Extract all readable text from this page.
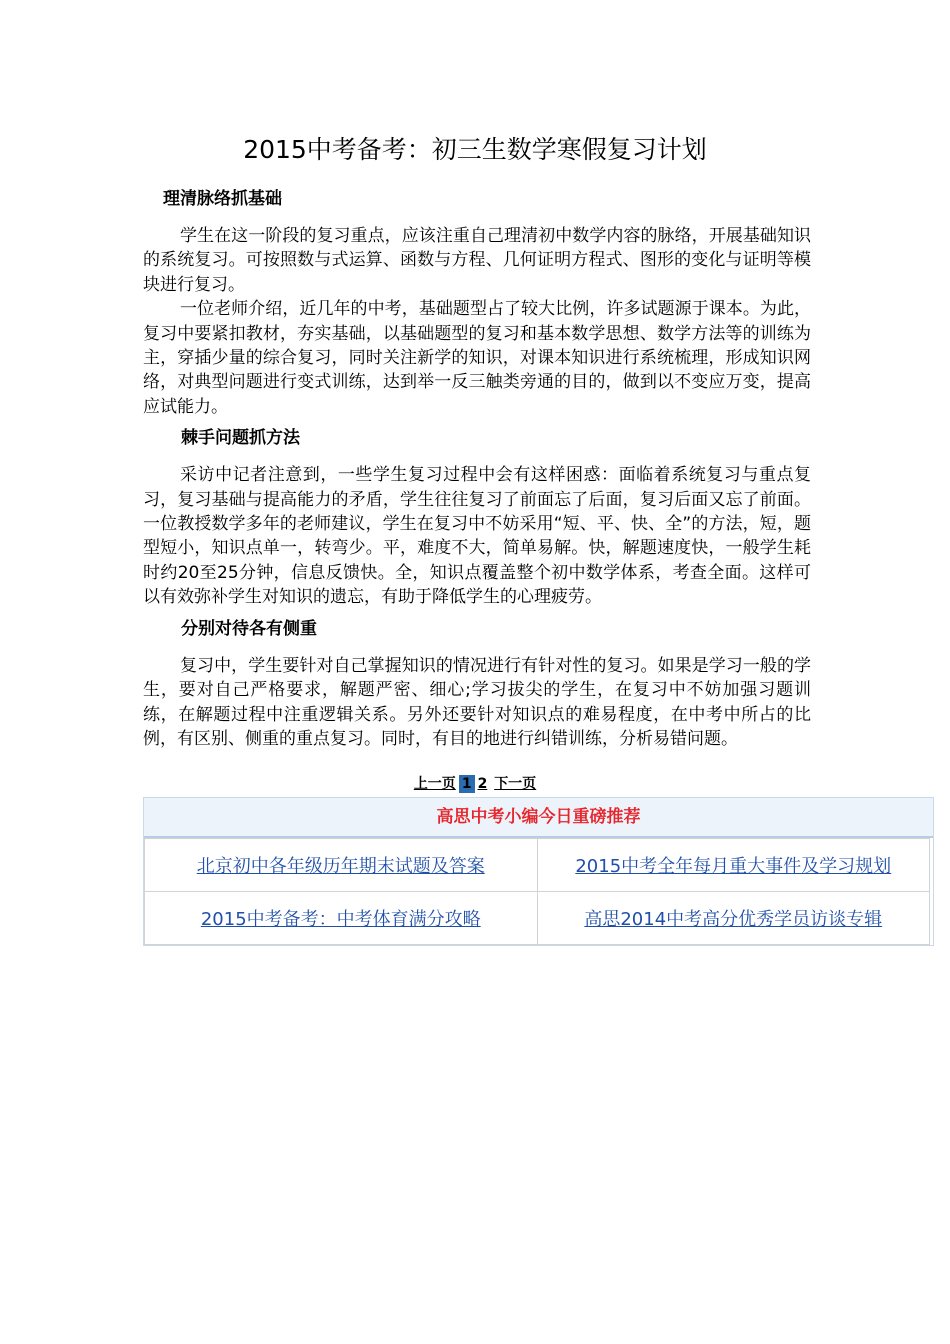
2015中考备考：初三生数学寒假复习计划
理清脉络抓基础

学生在这一阶段的复习重点，应该注重自己理清初中数学内容的脉络，开展基础知识的系统复习。可按照数与式运算、函数与方程、几何证明方程式、图形的变化与证明等模块进行复习。

一位老师介绍，近几年的中考，基础题型占了较大比例，许多试题源于课本。为此，复习中要紧扣教材，夯实基础，以基础题型的复习和基本数学思想、数学方法等的训练为主，穿插少量的综合复习，同时关注新学的知识，对课本知识进行系统梳理，形成知识网络，对典型问题进行变式训练，达到举一反三触类旁通的目的，做到以不变应万变，提高应试能力。

棘手问题抓方法

采访中记者注意到，一些学生复习过程中会有这样困惑：面临着系统复习与重点复习，复习基础与提高能力的矛盾，学生往往复习了前面忘了后面，复习后面又忘了前面。一位教授数学多年的老师建议，学生在复习中不妨采用“短、平、快、全”的方法，短，题型短小，知识点单一，转弯少。平，难度不大，简单易解。快，解题速度快，一般学生耗时约20至25分钟，信息反馈快。全，知识点覆盖整个初中数学体系，考查全面。这样可以有效弥补学生对知识的遗忘，有助于降低学生的心理疲劳。

分别对待各有侧重

复习中，学生要针对自己掌握知识的情况进行有针对性的复习。如果是学习一般的学生，要对自己严格要求，解题严密、细心;学习拔尖的学生，在复习中不妨加强习题训练，在解题过程中注重逻辑关系。另外还要针对知识点的难易程度，在中考中所占的比例，有区别、侧重的重点复习。同时，有目的地进行纠错训练，分析易错问题。

上一页 1 2 下一页
高思中考小编今日重磅推荐
北京初中各年级历年期末试题及答案	2015中考全年每月重大事件及学习规划
2015中考备考：中考体育满分攻略	高思2014中考高分优秀学员访谈专辑
